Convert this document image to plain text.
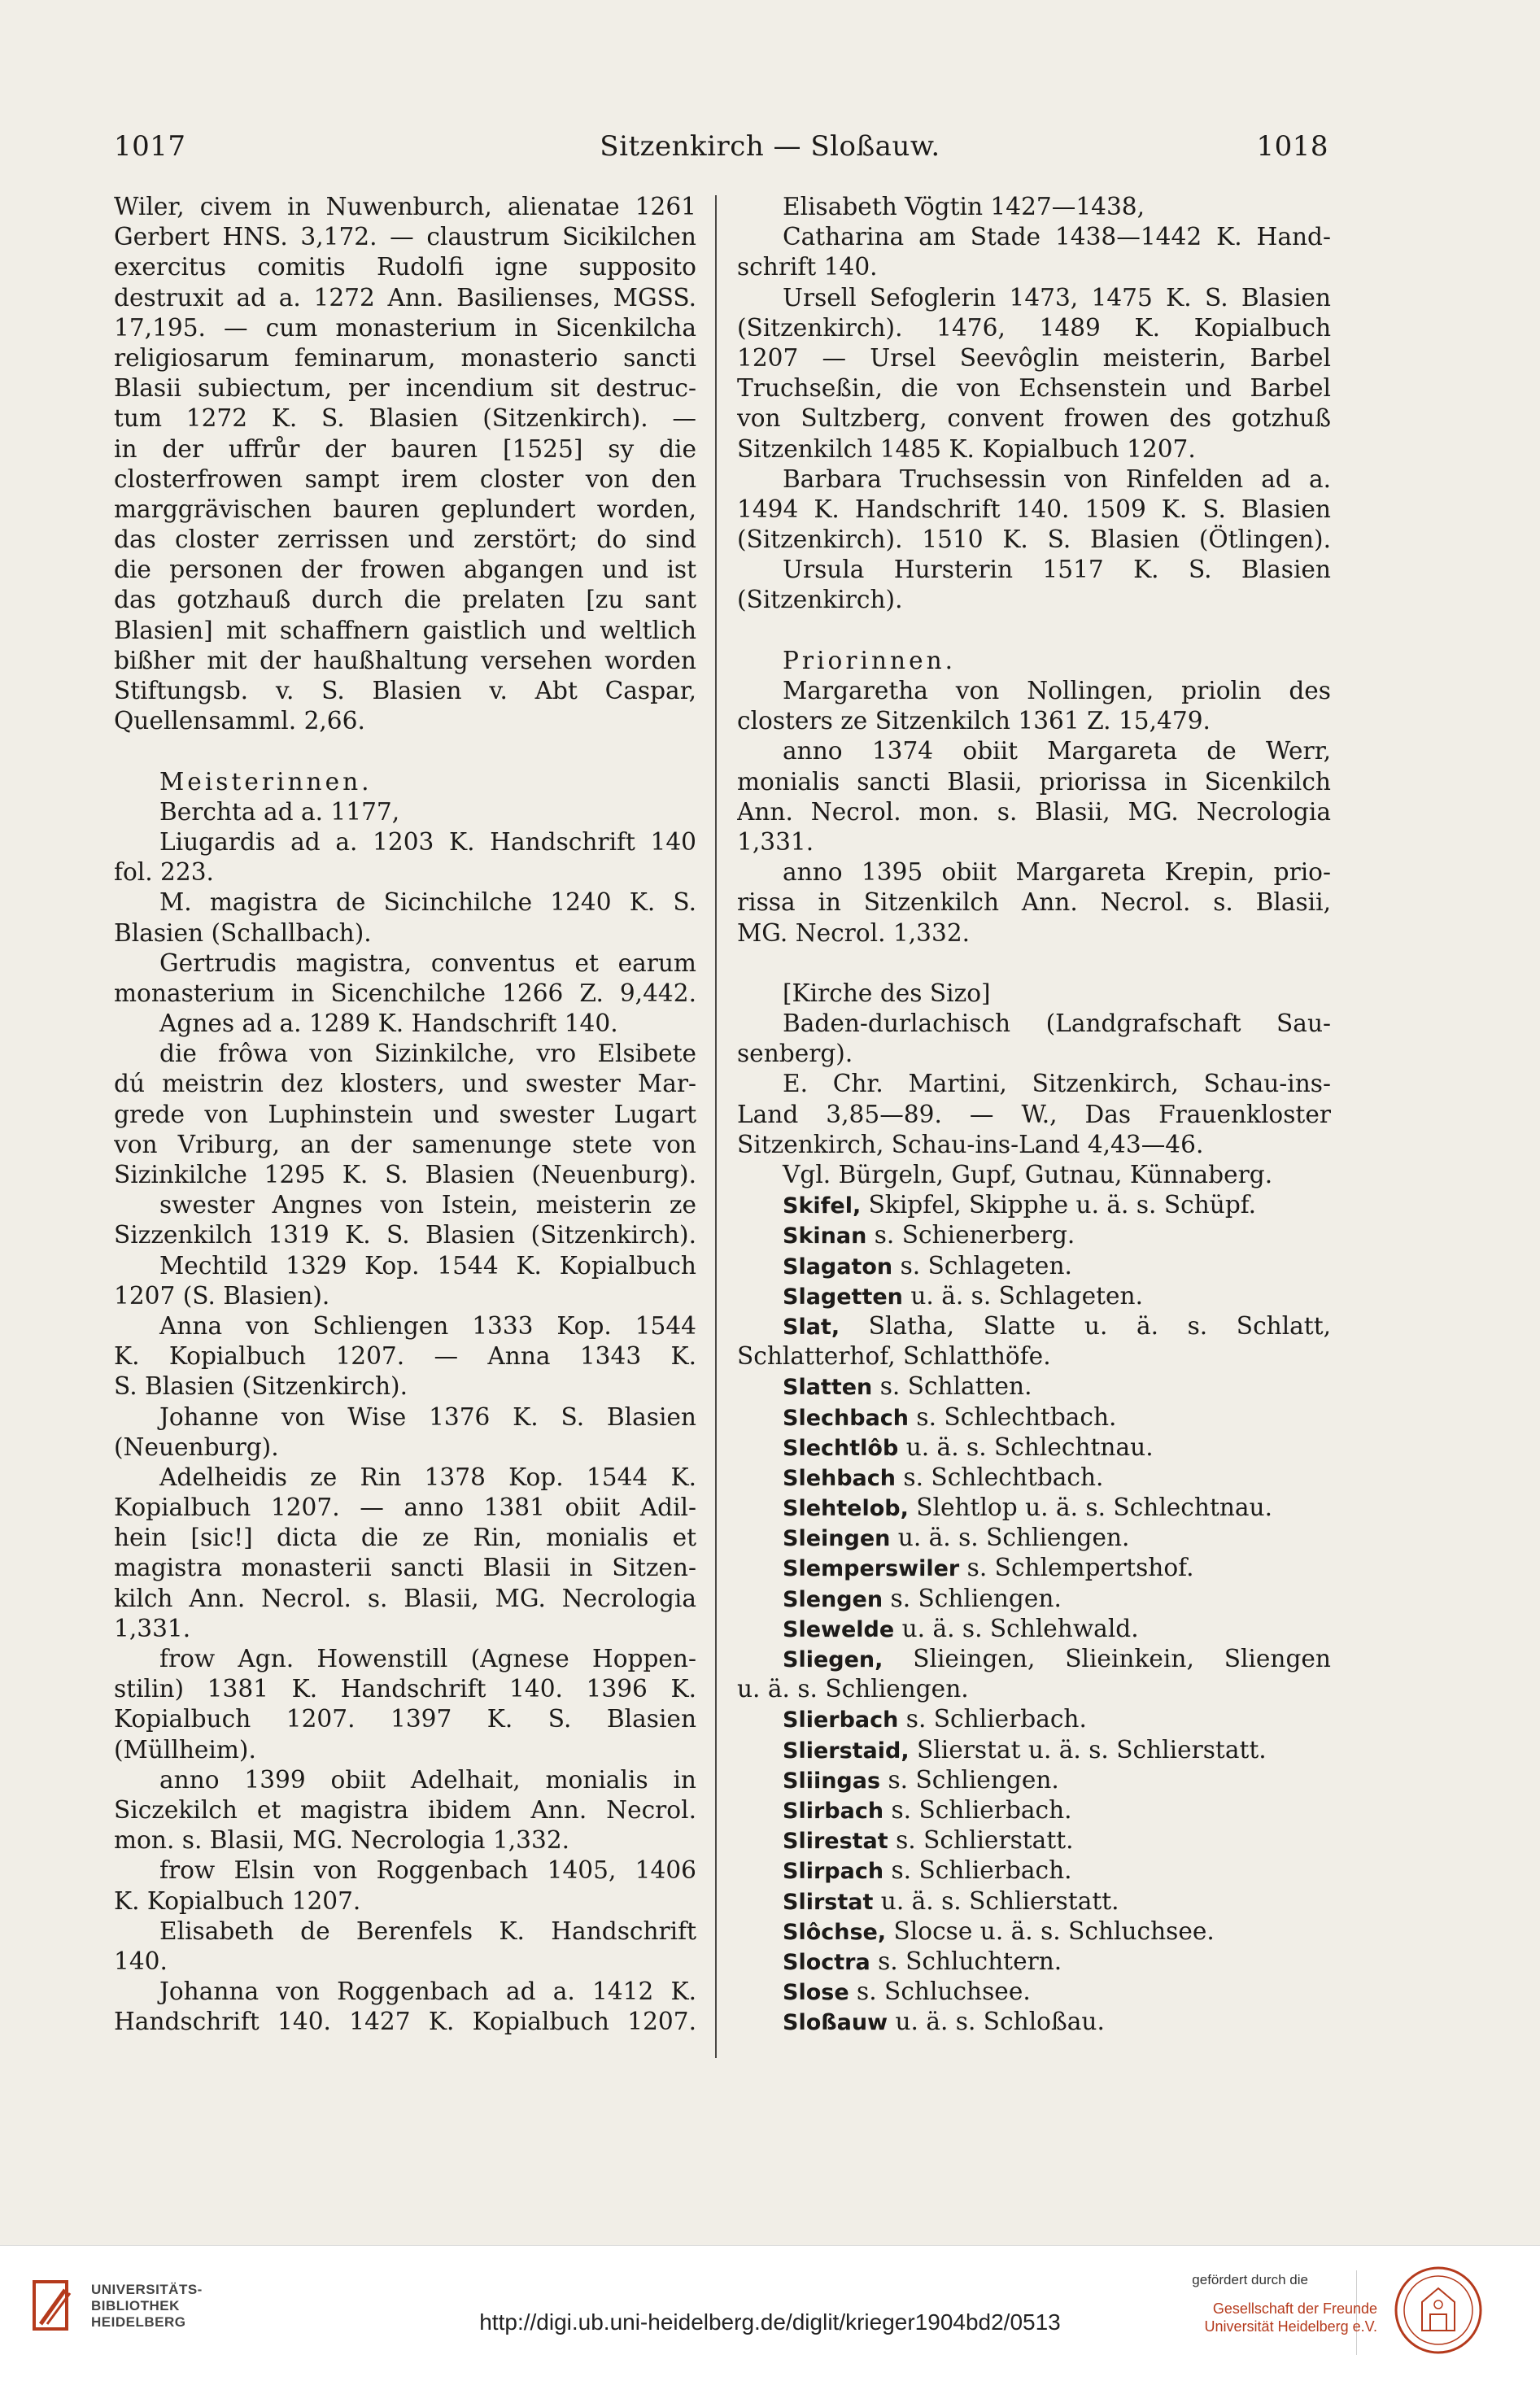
1017	Sitzenkirch — Sloßauw.	1018
Wiler, civem in Nuwenburch, alienatae 1261
Gerbert HNS. 3,172. — claustrum Sicikilchen
exercitus comitis Rudolfi igne supposito
destruxit ad a. 1272 Ann. Basilienses, MGSS.
17,195. — cum monasterium in Sicenkilcha
religiosarum feminarum, monasterio sancti
Blasii subiectum, per incendium sit destruc-
tum 1272 K. S. Blasien (Sitzenkirch). —
in der uffrůr der bauren [1525] sy die
closterfrowen sampt irem closter von den
marggrävischen bauren geplundert worden,
das closter zerrissen und zerstört; do sind
die personen der frowen abgangen und ist
das gotzhauß durch die prelaten [zu sant
Blasien] mit schaffnern gaistlich und weltlich
bißher mit der haußhaltung versehen worden
Stiftungsb. v. S. Blasien v. Abt Caspar,
Quellensamml. 2,66.
Meisterinnen.
Berchta ad a. 1177,
Liugardis ad a. 1203 K. Handschrift 140
fol. 223.
M. magistra de Sicinchilche 1240 K. S.
Blasien (Schallbach).
Gertrudis magistra, conventus et earum
monasterium in Sicenchilche 1266 Z. 9,442.
Agnes ad a. 1289 K. Handschrift 140.
die frôwa von Sizinkilche, vro Elsibete
dú meistrin dez klosters, und swester Mar-
grede von Luphinstein und swester Lugart
von Vriburg, an der samenunge stete von
Sizinkilche 1295 K. S. Blasien (Neuenburg).
swester Angnes von Istein, meisterin ze
Sizzenkilch 1319 K. S. Blasien (Sitzenkirch).
Mechtild 1329 Kop. 1544 K. Kopialbuch
1207 (S. Blasien).
Anna von Schliengen 1333 Kop. 1544
K. Kopialbuch 1207. — Anna 1343 K.
S. Blasien (Sitzenkirch).
Johanne von Wise 1376 K. S. Blasien
(Neuenburg).
Adelheidis ze Rin 1378 Kop. 1544 K.
Kopialbuch 1207. — anno 1381 obiit Adil-
hein [sic!] dicta die ze Rin, monialis et
magistra monasterii sancti Blasii in Sitzen-
kilch Ann. Necrol. s. Blasii, MG. Necrologia
1,331.
frow Agn. Howenstill (Agnese Hoppen-
stilin) 1381 K. Handschrift 140. 1396 K.
Kopialbuch 1207. 1397 K. S. Blasien
(Müllheim).
anno 1399 obiit Adelhait, monialis in
Siczekilch et magistra ibidem Ann. Necrol.
mon. s. Blasii, MG. Necrologia 1,332.
frow Elsin von Roggenbach 1405, 1406
K. Kopialbuch 1207.
Elisabeth de Berenfels K. Handschrift
140.
Johanna von Roggenbach ad a. 1412 K.
Handschrift 140. 1427 K. Kopialbuch 1207.
Elisabeth Vögtin 1427—1438,
Catharina am Stade 1438—1442 K. Hand-
schrift 140.
Ursell Sefoglerin 1473, 1475 K. S. Blasien
(Sitzenkirch). 1476, 1489 K. Kopialbuch
1207 — Ursel Seevôglin meisterin, Barbel
Truchseßin, die von Echsenstein und Barbel
von Sultzberg, convent frowen des gotzhuß
Sitzenkilch 1485 K. Kopialbuch 1207.
Barbara Truchsessin von Rinfelden ad a.
1494 K. Handschrift 140. 1509 K. S. Blasien
(Sitzenkirch). 1510 K. S. Blasien (Ötlingen).
Ursula Hursterin 1517 K. S. Blasien
(Sitzenkirch).
Priorinnen.
Margaretha von Nollingen, priolin des
closters ze Sitzenkilch 1361 Z. 15,479.
anno 1374 obiit Margareta de Werr,
monialis sancti Blasii, priorissa in Sicenkilch
Ann. Necrol. mon. s. Blasii, MG. Necrologia
1,331.
anno 1395 obiit Margareta Krepin, prio-
rissa in Sitzenkilch Ann. Necrol. s. Blasii,
MG. Necrol. 1,332.
[Kirche des Sizo]
Baden-durlachisch (Landgrafschaft Sau-
senberg).
E. Chr. Martini, Sitzenkirch, Schau-ins-
Land 3,85—89. — W., Das Frauenkloster
Sitzenkirch, Schau-ins-Land 4,43—46.
Vgl. Bürgeln, Gupf, Gutnau, Künnaberg.
Skifel, Skipfel, Skipphe u. ä. s. Schüpf.
Skinan s. Schienerberg.
Slagaton s. Schlageten.
Slagetten u. ä. s. Schlageten.
Slat, Slatha, Slatte u. ä. s. Schlatt,
Schlatterhof, Schlatthöfe.
Slatten s. Schlatten.
Slechbach s. Schlechtbach.
Slechtlôb u. ä. s. Schlechtnau.
Slehbach s. Schlechtbach.
Slehtelob, Slehtlop u. ä. s. Schlechtnau.
Sleingen u. ä. s. Schliengen.
Slemperswiler s. Schlempertshof.
Slengen s. Schliengen.
Slewelde u. ä. s. Schlehwald.
Sliegen, Slieingen, Slieinkein, Sliengen
u. ä. s. Schliengen.
Slierbach s. Schlierbach.
Slierstaid, Slierstat u. ä. s. Schlierstatt.
Sliingas s. Schliengen.
Slirbach s. Schlierbach.
Slirestat s. Schlierstatt.
Slirpach s. Schlierbach.
Slirstat u. ä. s. Schlierstatt.
Slôchse, Slocse u. ä. s. Schluchsee.
Sloctra s. Schluchtern.
Slose s. Schluchsee.
Sloßauw u. ä. s. Schloßau.
UNIVERSITÄTS-
BIBLIOTHEK
HEIDELBERG	http://digi.ub.uni-heidelberg.de/diglit/krieger1904bd2/0513
gefördert durch die
Gesellschaft der Freunde
Universität Heidelberg e.V.
